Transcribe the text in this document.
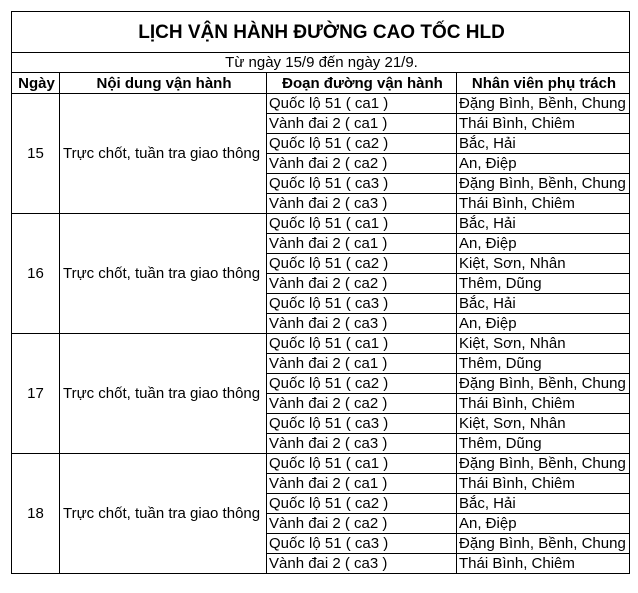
LỊCH VẬN HÀNH ĐƯỜNG CAO TỐC HLD			
Từ ngày 15/9 đến ngày 21/9.			
Ngày	Nội dung vận hành	Đoạn đường vận hành	Nhân viên phụ trách
15	Trực chốt, tuần tra giao thông	Quốc lộ 51 ( ca1 )	Đặng Bình, Bềnh, Chung
		Vành đai 2 ( ca1 )	Thái Bình, Chiêm
		Quốc lộ 51 ( ca2 )	Bắc, Hải
		Vành đai 2 ( ca2 )	An, Điệp
		Quốc lộ 51 ( ca3 )	Đặng Bình, Bềnh, Chung
		Vành đai 2 ( ca3 )	Thái Bình, Chiêm
16	Trực chốt, tuần tra giao thông	Quốc lộ 51 ( ca1 )	Bắc, Hải
		Vành đai 2 ( ca1 )	An, Điệp
		Quốc lộ 51 ( ca2 )	Kiệt, Sơn, Nhân
		Vành đai 2 ( ca2 )	Thêm, Dũng
		Quốc lộ 51 ( ca3 )	Bắc, Hải
		Vành đai 2 ( ca3 )	An, Điệp
17	Trực chốt, tuần tra giao thông	Quốc lộ 51 ( ca1 )	Kiệt, Sơn, Nhân
		Vành đai 2 ( ca1 )	Thêm, Dũng
		Quốc lộ 51 ( ca2 )	Đặng Bình, Bềnh, Chung
		Vành đai 2 ( ca2 )	Thái Bình, Chiêm
		Quốc lộ 51 ( ca3 )	Kiệt, Sơn, Nhân
		Vành đai 2 ( ca3 )	Thêm, Dũng
18	Trực chốt, tuần tra giao thông	Quốc lộ 51 ( ca1 )	Đặng Bình, Bềnh, Chung
		Vành đai 2 ( ca1 )	Thái Bình, Chiêm
		Quốc lộ 51 ( ca2 )	Bắc, Hải
		Vành đai 2 ( ca2 )	An, Điệp
		Quốc lộ 51 ( ca3 )	Đặng Bình, Bềnh, Chung
		Vành đai 2 ( ca3 )	Thái Bình, Chiêm
